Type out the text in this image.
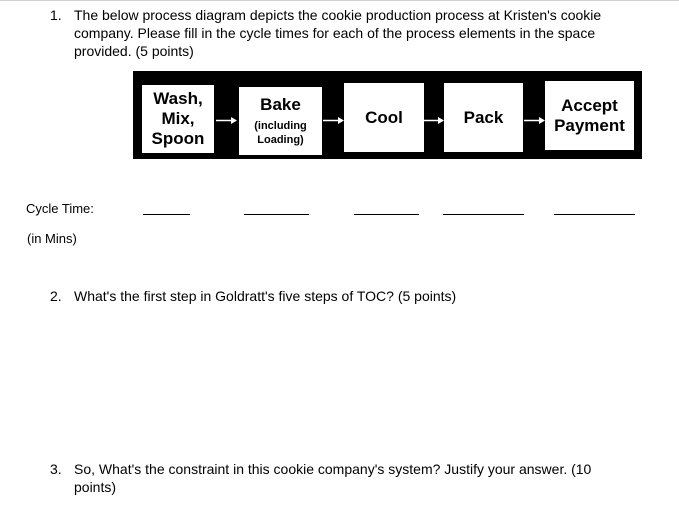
1. The below process diagram depicts the cookie production process at Kristen's cookie company. Please fill in the cycle times for each of the process elements in the space provided. (5 points)
Wash,
Mix,
Spoon
Bake
(including
Loading)
Cool	Pack
Accept
Payment
Cycle Time:
(in Mins)
2. What's the first step in Goldratt's five steps of TOC? (5 points)
3. So, What's the constraint in this cookie company's system? Justify your answer. (10 points)
